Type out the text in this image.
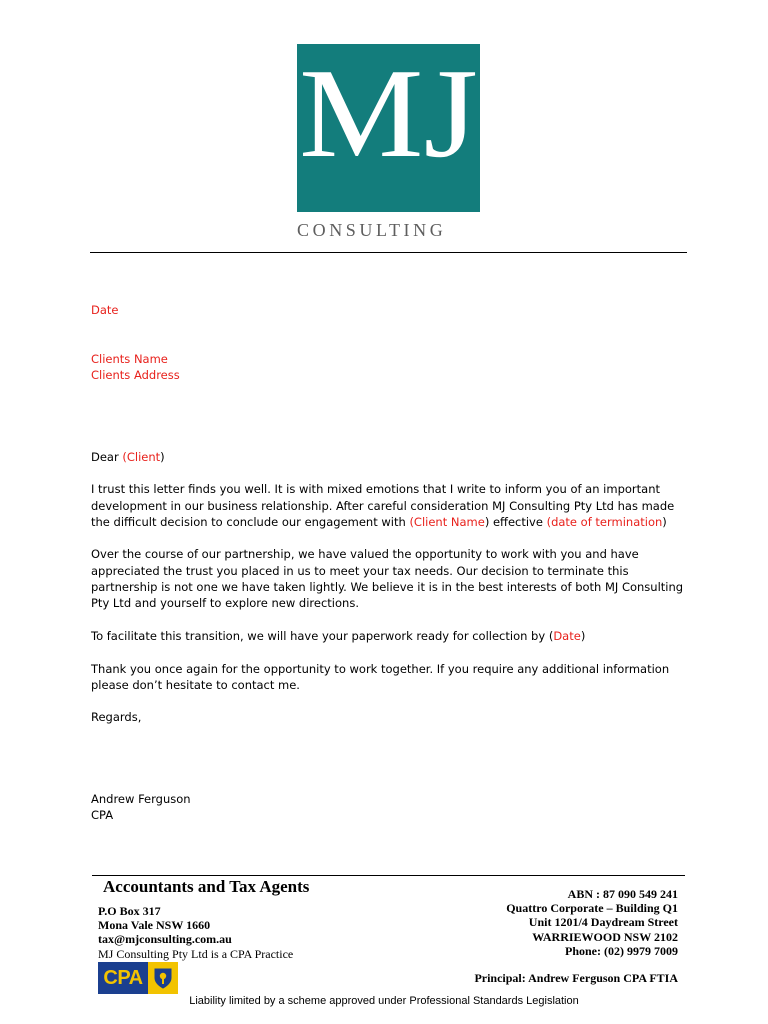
MJ
CONSULTING

Date

Clients Name

Clients Address

Dear (Client)

I trust this letter finds you well. It is with mixed emotions that I write to inform you of an important development in our business relationship. After careful consideration MJ Consulting Pty Ltd has made the difficult decision to conclude our engagement with (Client Name) effective (date of termination)

Over the course of our partnership, we have valued the opportunity to work with you and have appreciated the trust you placed in us to meet your tax needs. Our decision to terminate this partnership is not one we have taken lightly. We believe it is in the best interests of both MJ Consulting Pty Ltd and yourself to explore new directions.

To facilitate this transition, we will have your paperwork ready for collection by (Date)

Thank you once again for the opportunity to work together. If you require any additional information please don’t hesitate to contact me.

Regards,

Andrew Ferguson

CPA

Accountants and Tax Agents
P.O Box 317
Mona Vale NSW 1660
tax@mjconsulting.com.au
MJ Consulting Pty Ltd is a CPA Practice
ABN : 87 090 549 241
Quattro Corporate – Building Q1
Unit 1201/4 Daydream Street
WARRIEWOOD NSW 2102
Phone: (02) 9979 7009
Principal: Andrew Ferguson CPA FTIA
CPA
Liability limited by a scheme approved under Professional Standards Legislation
